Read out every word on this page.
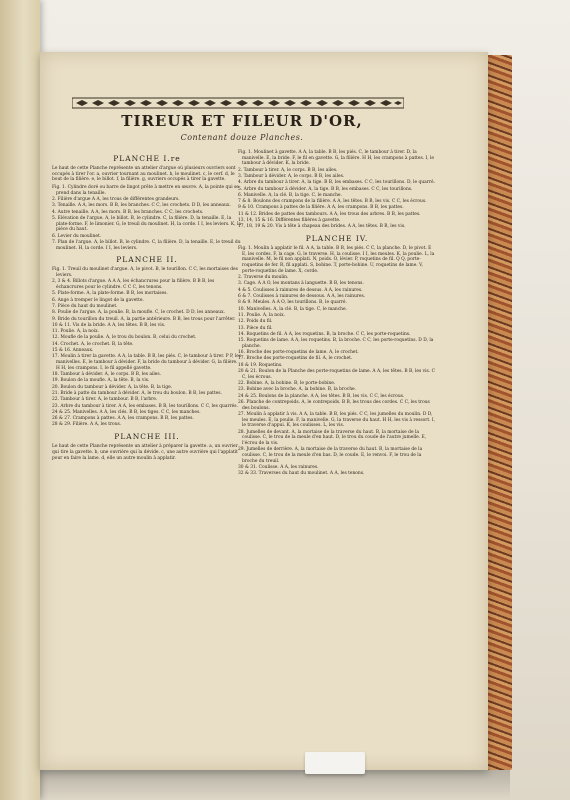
TIREUR ET FILEUR D'OR,
Contenant douze Planches.
PLANCHE I.re
Le haut de cette Planche représente un attelier d'argue où plusieurs ouvriers sont occupés à tirer l'or. a, ouvrier tournant au moulinet. b, le moulinet. c, le cerf. d, le bout de la filière. e, le billot. f, la filière. g, ouvriers occupés à tirer la gavette.
Fig. 1. Cylindre doré ou barre de lingot prête à mettre en œuvre. A, la pointe qui se prend dans la tenaille.
2. Filière d'argue A A, les trous de différentes grandeurs.
3. Tenaille. A A, les mors. B B, les branches. C C, les crochets. D D, les anneaux.
4. Autre tenaille. A A, les mors. B B, les branches. C C, les crochets.
5. Elévation de l'argue. A, le billot. B, le cylindre. C, la filière. D, la tenaille. E, la plate-forme. F, le limonier. G, le treuil du moulinet. H, la corde. I I, les leviers. K, la pièce du haut.
6. Levier du moulinet.
7. Plan de l'argue. A, le billot. B, le cylindre. C, la filière. D, la tenaille. E, le treuil du moulinet. H, la corde. I I, les leviers.
PLANCHE II.
Fig. 1. Treuil du moulinet d'argue. A, le pivot. B, le tourillon. C C, les mortaises des leviers.
2, 3 & 4. Billots d'argue. A A A, les échancrures pour la filière. B B B, les échancrures pour le cylindre. C C C, les tenons.
5. Plate-forme. A, la plate-forme. B B, les mortaises.
6. Ange à tremper le lingot de la gavette.
7. Pièce du haut du moulinet.
8. Poulie de l'argue. A, la poulie. B, la moufle. C, le crochet. D D, les anneaux.
9. Bride du tourillon du treuil. A, la partie antérieure. B B, les trous pour l'arrêter.
10 & 11. Vis de la bride. A A, les têtes. B B, les vis.
11. Poulie. A, la noix.
12. Moufle de la poulie. A, le trou du boulon. B, celui du crochet.
14. Crochet. A, le crochet. B, la tête.
15 & 16. Anneaux.
17. Moulin à tirer la gavette. A A, la table. B B, les piés. C, le tambour à tirer. P P, les manivelles. E, le tambour à dévider. F, la bride du tambour à dévider. G, la filière. H H, les crampons. I, le fil appellé gavette.
18. Tambour à dévider. A, le corps. B B, les ailes.
19. Boulon de la moufle. A, la tête. B, la vis.
20. Boulon du tambour à dévider. A, la tête. B, la tige.
21. Bride à patte du tambour à dévider. A, le trou du boulon. B B, les pattes.
22. Tambour à tirer. A, le tambour. B B, l'arbre.
23. Arbre du tambour à tirer. A A, les embases. B B, les tourillons. C C, les quarrés.
24 & 25. Manivelles. A A, les clés. B B, les tiges. C C, les manches.
26 & 27. Crampons à pattes. A A, les crampons. B B, les pattes.
28 & 29. Filière. A A, les trous.
PLANCHE III.
Le haut de cette Planche représente un attelier à préparer la gavette. a, un ouvrier qui tire la gavette. b, une ouvrière qui la dévide. c, une autre ouvrière qui l'applatit pour en faire la lame. d, elle un autre moulin à applatir.
Fig. 1. Moulinet à gavette. A A, la table. B B, les piés. C, le tambour à tirer. D, la manivelle. E, la bride. F, le fil en gavette. G, la filière. H H, les crampons à pattes. I, le tambour à dévider. K, la bride.
2. Tambour à tirer. A, le corps. B B, les ailes.
3. Tambour à dévider. A, le corps. B B, les ailes.
4. Arbre du tambour à tirer. A, la tige. B B, les embases. C C, les tourillons. D, le quarré.
5. Arbre du tambour à dévider. A, la tige. B B, les embases. C C, les tourillons.
6. Manivelle. A, la clé. B, la tige. C, le manche.
7 & 8. Boulons des crampons de la filière. A A, les têtes. B B, les vis. C C, les écrous.
9 & 10. Crampons à pattes de la filière. A A, les crampons. B B, les pattes.
11 & 12. Brides de pattes des tambours. A A, les trous des arbres. B B, les pattes.
13, 14, 15 & 16. Différentes filières à gavette.
17, 18, 19 & 20. Vis à tête à chapeau des brides. A A, les têtes. B B, les vis.
PLANCHE IV.
Fig. 1. Moulin à applatir le fil. A A, la table. B B, les piés. C C, la planche. D, le pivot. E E, les cordes. F, la cage. G, le traverse. H, la coulisse. I I, les meules. K, la poulie. L, la manivelle. M, le fil non applati. N, poids. O, lévier. P, roquetins de fil. Q Q, porte-roquetins de fer. R, fil applati. S, bobine. T, porte-bobine. U, roquetins de lame. V, porte-roquetins de lame. X, corde.
2. Traverse du moulin.
3. Cage. A A O, les montans à languette. B B, les tenons.
4 & 5. Coulisses à rainures de dessus. A A, les rainures.
6 & 7. Coulisses à rainures de dessous. A A, les rainures.
8 & 9. Meules. A A O, les tourillons. B, le quarré.
10. Manivelles. A, la clé. B, la tige. C, le manche.
11. Poulie. A, la noix.
12. Poids du fil.
13. Pièce du fil.
14. Roquetins de fil. A A, les roquetins. B, la broche. C C, les porte-roquetins.
15. Roquetins de lame. A A, les roquetins. B, la broche. C C, les porte-roquetins. D D, la planche.
16. Broche des porte-roquetins de lame. A, le crochet.
17. Broche des porte-roquetins de fil. A, le crochet.
18 & 19. Roquetins.
20 & 21. Boulon de la Planche des porte-roquetins de lame. A A, les têtes. B B, les vis. C C, les écrous.
22. Bobine. A, la bobine. B, le porte-bobine.
23. Bobine avec la broche. A, la bobine. B, la broche.
24 & 25. Boulons de la planche. A A, les têtes. B B, les vis. C C, les écrous.
26. Planche de contrepoids. A, le contrepoids. B B, les trous des cordes. C C, les trous des boulons.
27. Moulin à applatir à vis. A A, la table. B B, les piés. C C, les jumelles du moulin. D D, les meules. E, la poulie. F, la manivelle. G, la traverse du haut. H H, les vis à ressort. I, le traverse d'appui. K, les coulisses. L, les vis.
28. Jumelles de devant. A, la mortaise de la traverse du haut. B, la mortaise de la coulisse. C, le trou de la meule d'en haut. D, le trou du coude de l'autre jumelle. E, l'écrou de la vis.
29. Jumelles de derrière. A, la mortaise de la traverse du haut. B, la mortaise de la coulisse. C, le trou de la meule d'en bas. D, le coude. E, le renvoi. F, le trou de la broche du treuil.
30 & 31. Coulisse. A A, les rainures.
32 & 33. Traverses du haut du moulinet. A A, les tenons.
